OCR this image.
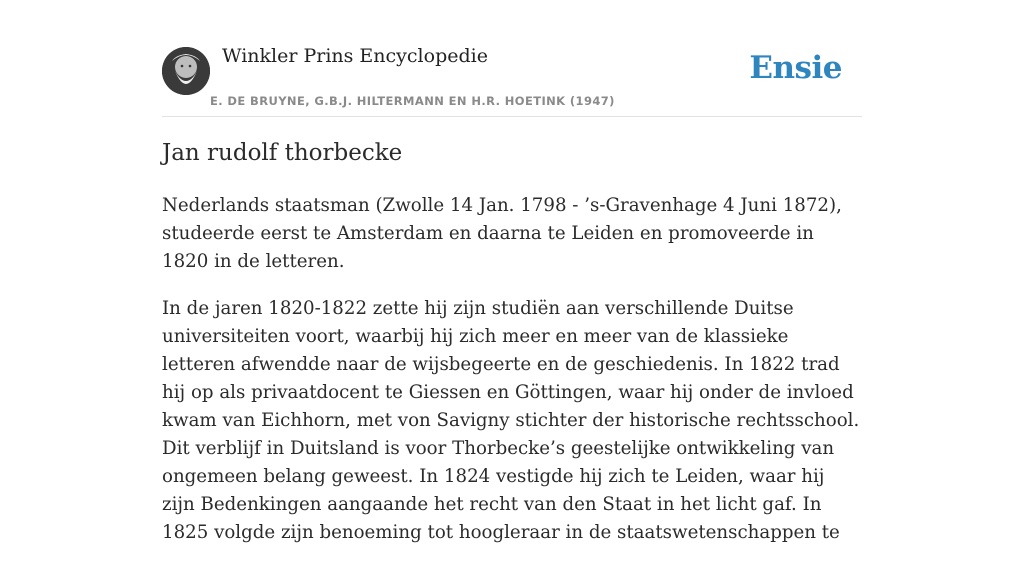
Winkler Prins Encyclopedie
E. DE BRUYNE, G.B.J. HILTERMANN EN H.R. HOETINK (1947)
Ensie
Jan rudolf thorbecke

Nederlands staatsman (Zwolle 14 Jan. 1798 - ’s-Gravenhage 4 Juni 1872), studeerde eerst te Amsterdam en daarna te Leiden en promoveerde in 1820 in de letteren.

In de jaren 1820-1822 zette hij zijn studiën aan verschillende Duitse universiteiten voort, waarbij hij zich meer en meer van de klassieke letteren afwendde naar de wijsbegeerte en de geschiedenis. In 1822 trad hij op als privaatdocent te Giessen en Göttingen, waar hij onder de invloed kwam van Eichhorn, met von Savigny stichter der historische rechtsschool. Dit verblijf in Duitsland is voor Thorbecke’s geestelijke ontwikkeling van ongemeen belang geweest. In 1824 vestigde hij zich te Leiden, waar hij zijn Bedenkingen aangaande het recht van den Staat in het licht gaf. In 1825 volgde zijn benoeming tot hoogleraar in de staatswetenschappen te
